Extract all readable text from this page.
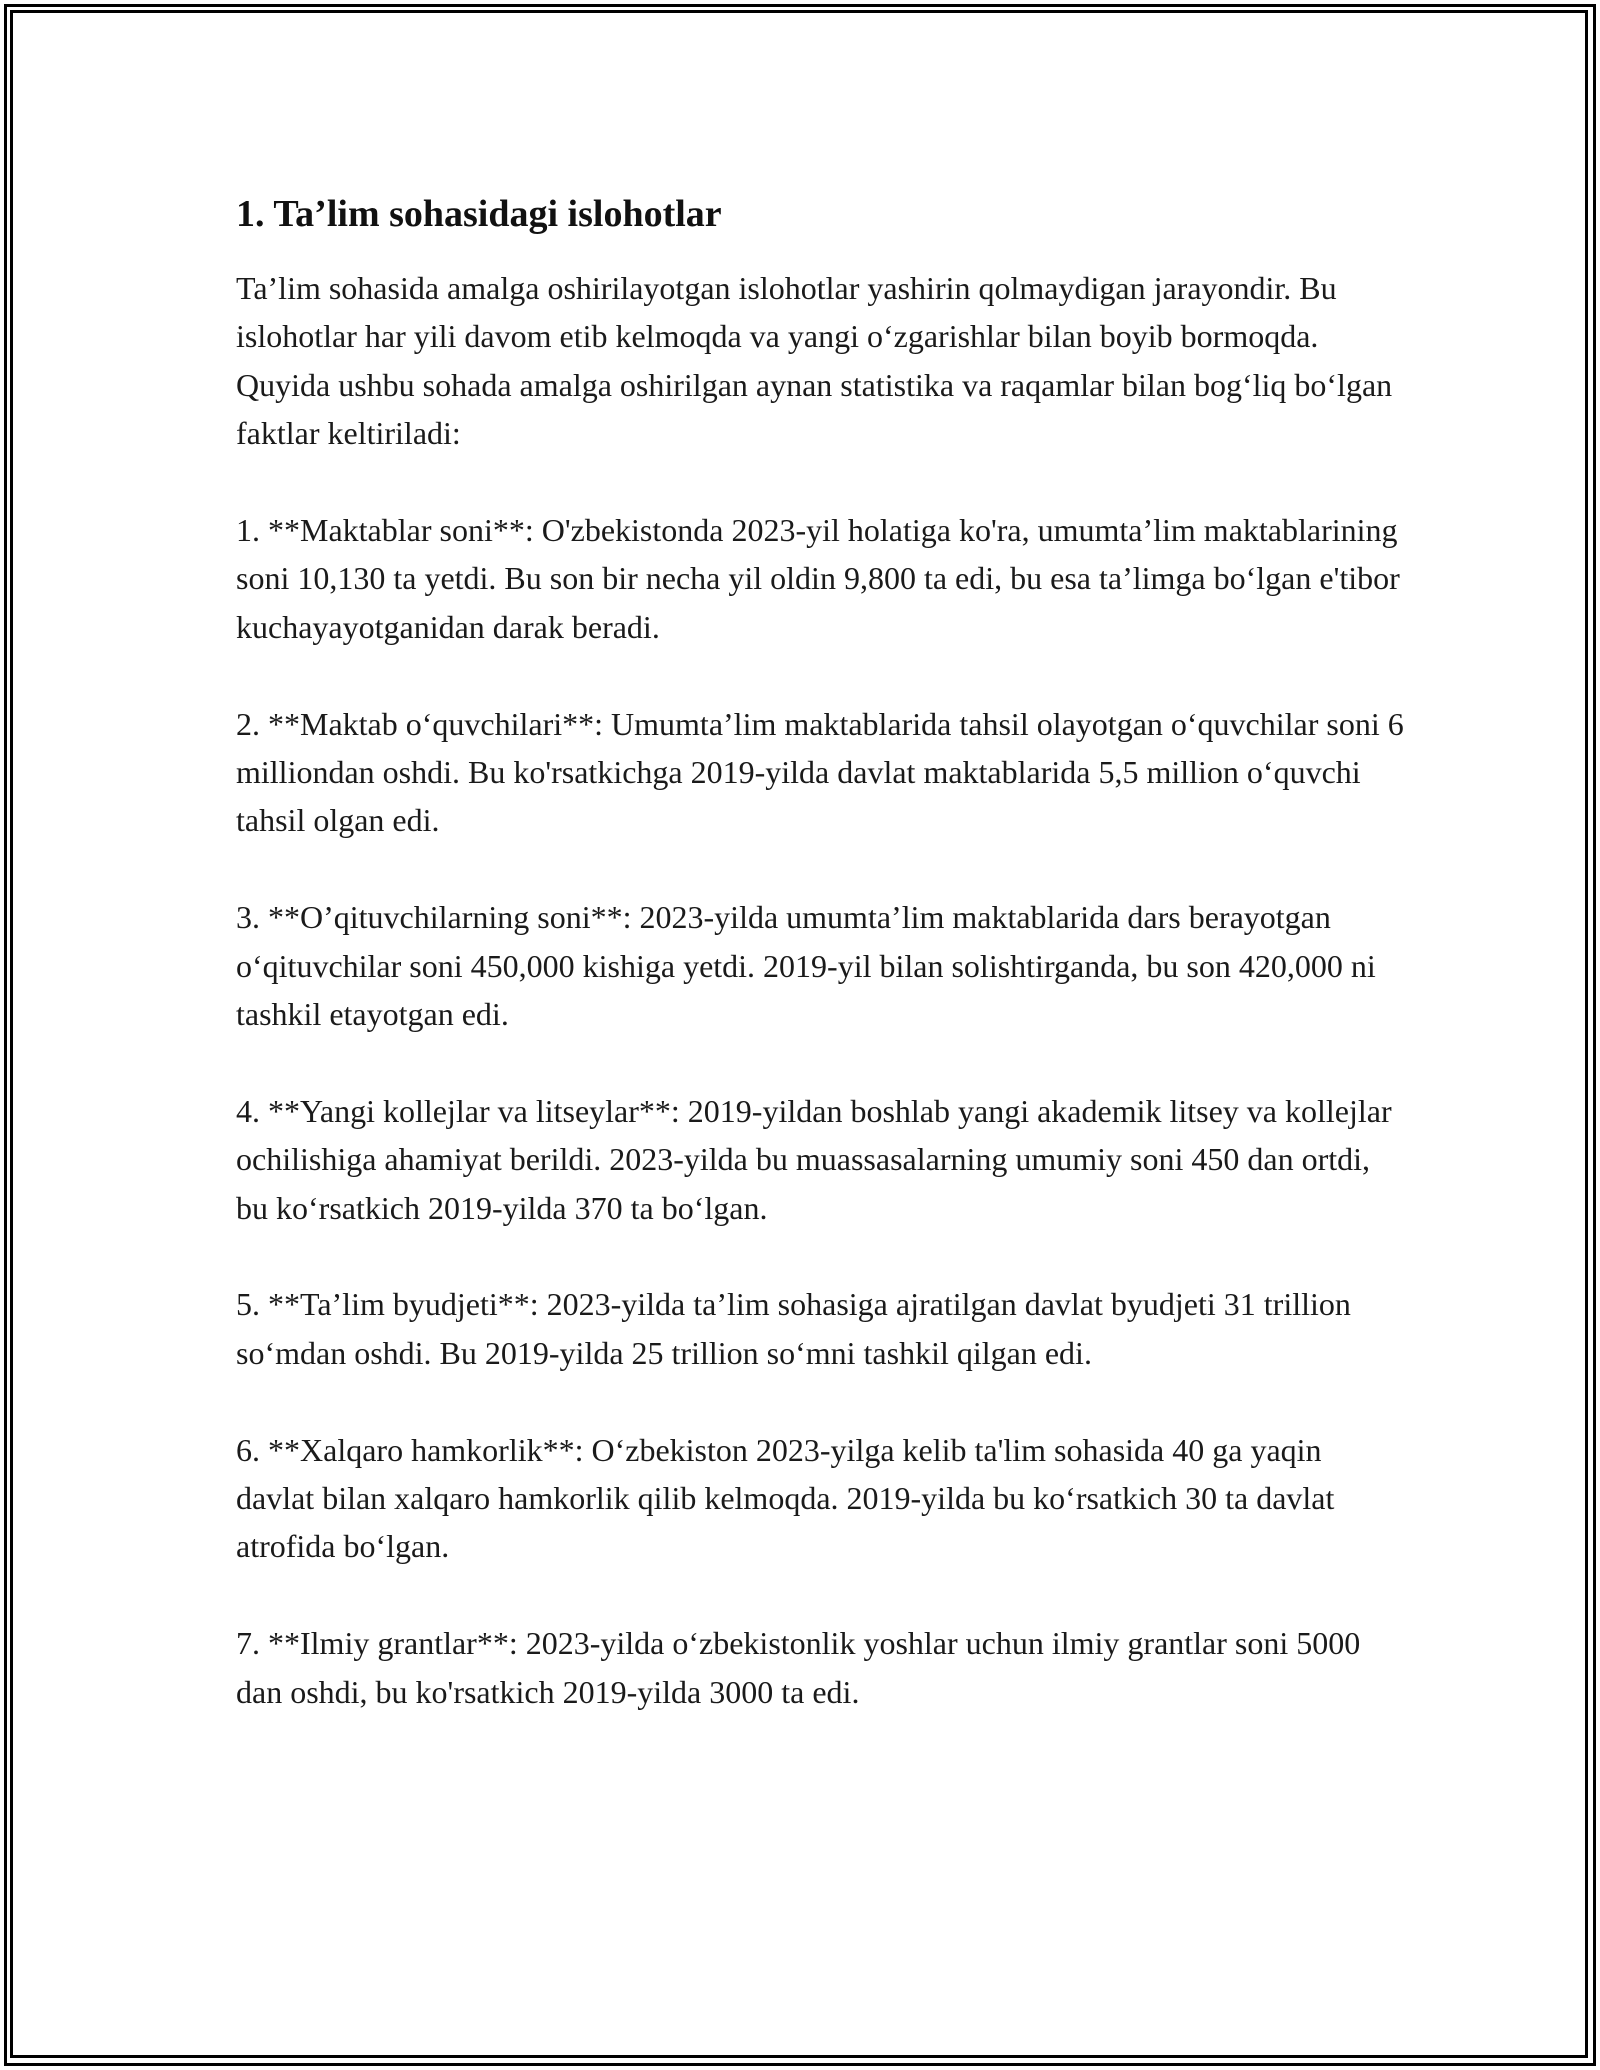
1. Ta’lim sohasidagi islohotlar

Ta’lim sohasida amalga oshirilayotgan islohotlar yashirin qolmaydigan jarayondir. Bu islohotlar har yili davom etib kelmoqda va yangi o‘zgarishlar bilan boyib bormoqda. Quyida ushbu sohada amalga oshirilgan aynan statistika va raqamlar bilan bog‘liq bo‘lgan faktlar keltiriladi:

1. **Maktablar soni**: O'zbekistonda 2023-yil holatiga ko'ra, umumta’lim maktablarining soni 10,130 ta yetdi. Bu son bir necha yil oldin 9,800 ta edi, bu esa ta’limga bo‘lgan e'tibor kuchayayotganidan darak beradi.

2. **Maktab o‘quvchilari**: Umumta’lim maktablarida tahsil olayotgan o‘quvchilar soni 6 milliondan oshdi. Bu ko'rsatkichga 2019-yilda davlat maktablarida 5,5 million o‘quvchi tahsil olgan edi.

3. **O’qituvchilarning soni**: 2023-yilda umumta’lim maktablarida dars berayotgan o‘qituvchilar soni 450,000 kishiga yetdi. 2019-yil bilan solishtirganda, bu son 420,000 ni tashkil etayotgan edi.

4. **Yangi kollejlar va litseylar**: 2019-yildan boshlab yangi akademik litsey va kollejlar ochilishiga ahamiyat berildi. 2023-yilda bu muassasalarning umumiy soni 450 dan ortdi, bu ko‘rsatkich 2019-yilda 370 ta bo‘lgan.

5. **Ta’lim byudjeti**: 2023-yilda ta’lim sohasiga ajratilgan davlat byudjeti 31 trillion so‘mdan oshdi. Bu 2019-yilda 25 trillion so‘mni tashkil qilgan edi.

6. **Xalqaro hamkorlik**: O‘zbekiston 2023-yilga kelib ta'lim sohasida 40 ga yaqin davlat bilan xalqaro hamkorlik qilib kelmoqda. 2019-yilda bu ko‘rsatkich 30 ta davlat atrofida bo‘lgan.

7. **Ilmiy grantlar**: 2023-yilda o‘zbekistonlik yoshlar uchun ilmiy grantlar soni 5000 dan oshdi, bu ko'rsatkich 2019-yilda 3000 ta edi.
